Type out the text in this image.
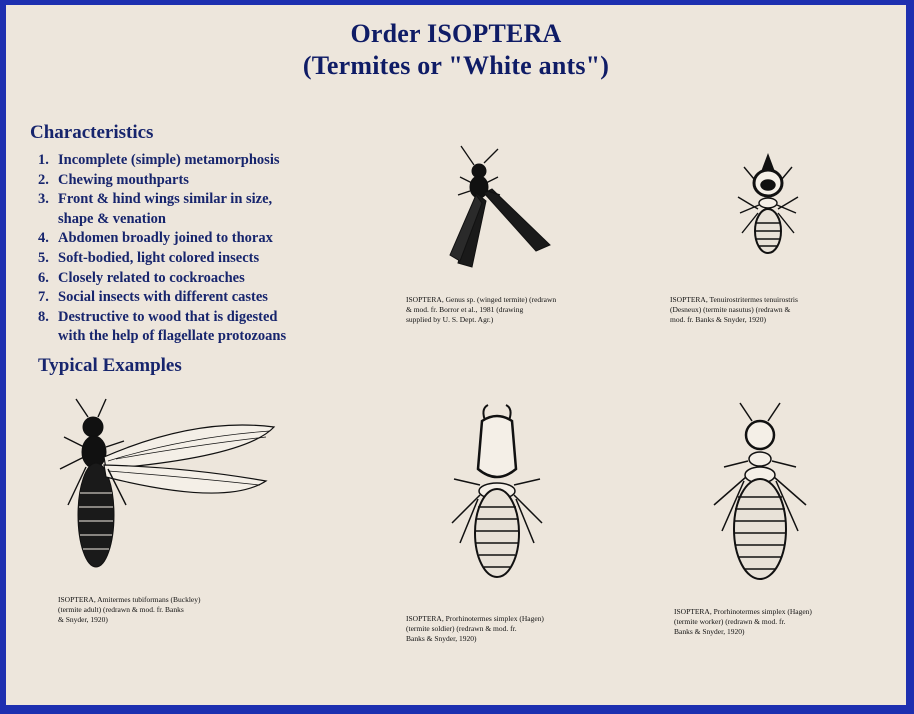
Order ISOPTERA
(Termites or "White ants")
Characteristics
1. Incomplete (simple) metamorphosis
2. Chewing mouthparts
3. Front & hind wings similar in size,
shape & venation
4. Abdomen broadly joined to thorax
5. Soft-bodied, light colored insects
6. Closely related to cockroaches
7. Social insects with different castes
8. Destructive to wood that is digested
with the help of flagellate protozoans
Typical Examples
ISOPTERA, Genus sp. (winged termite) (redrawn
& mod. fr. Borror et al., 1981 (drawing
supplied by U. S. Dept. Agr.)
ISOPTERA, Tenuirostritermes tenuirostris
(Desneux) (termite nasutus) (redrawn &
mod. fr. Banks & Snyder, 1920)
ISOPTERA, Amitermes tubiformans (Buckley)
(termite adult) (redrawn & mod. fr. Banks
& Snyder, 1920)	ISOPTERA, Prorhinotermes simplex (Hagen)
(termite soldier) (redrawn & mod. fr.
Banks & Snyder, 1920)
ISOPTERA, Prorhinotermes simplex (Hagen)
(termite worker) (redrawn & mod. fr.
Banks & Snyder, 1920)
